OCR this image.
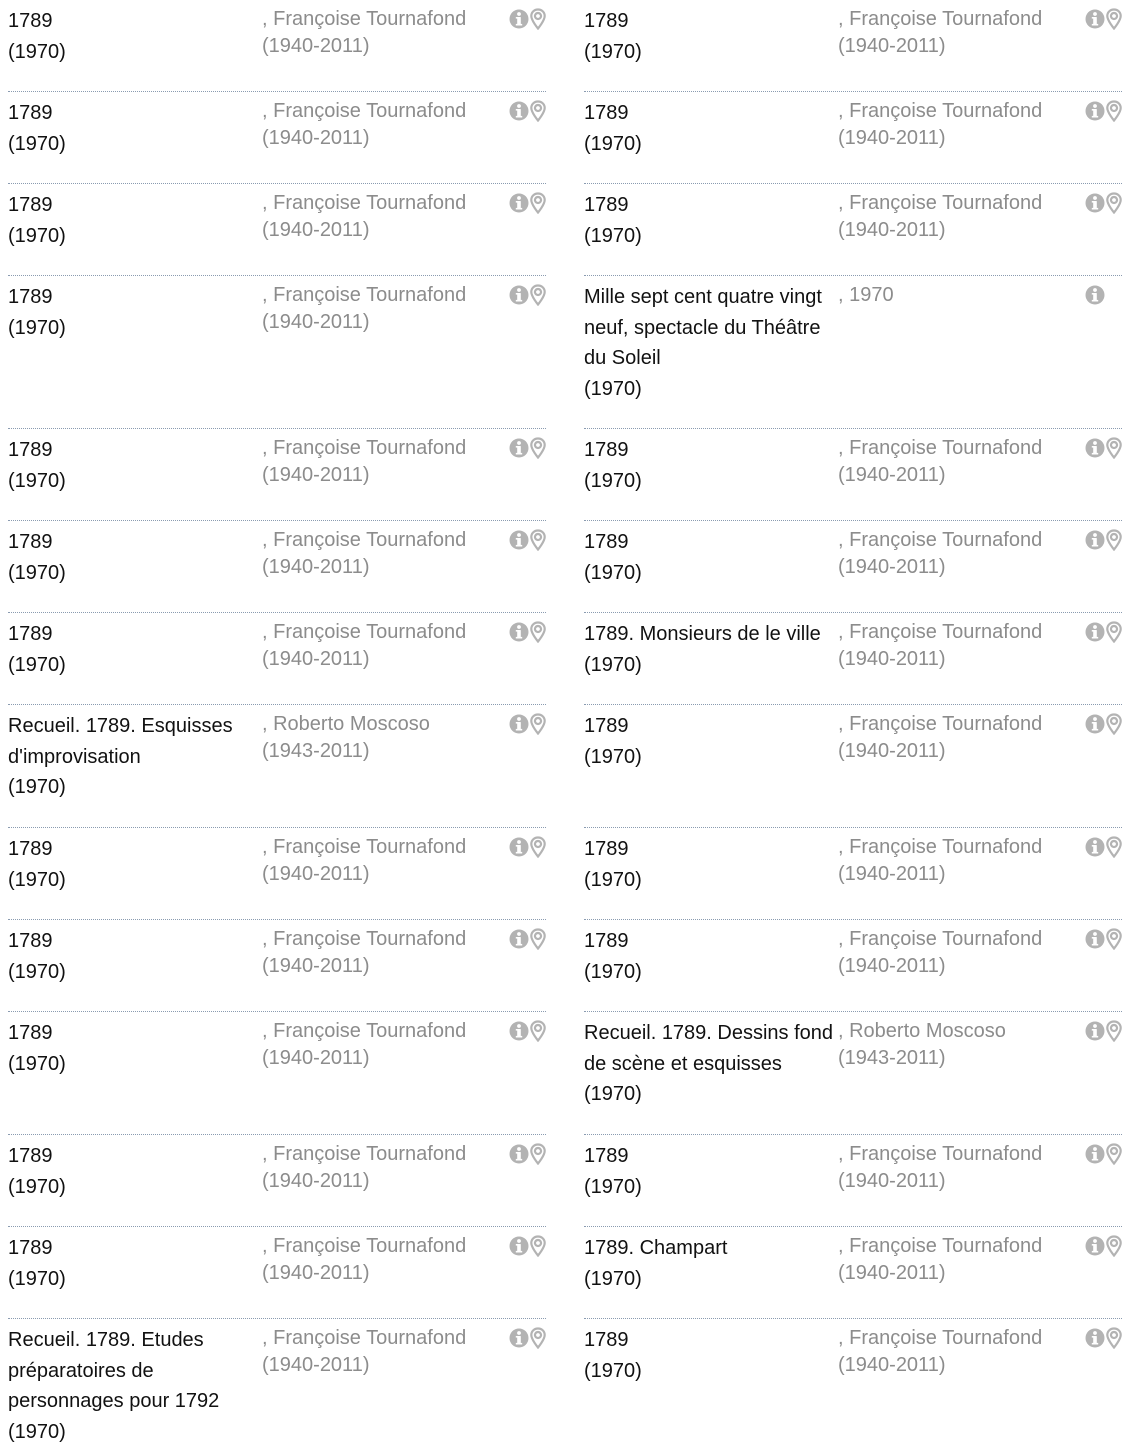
1789
(1970)
, Françoise Tournafond
(1940-2011)
1789
(1970)
, Françoise Tournafond
(1940-2011)
1789
(1970)
, Françoise Tournafond
(1940-2011)
1789
(1970)
, Françoise Tournafond
(1940-2011)
1789
(1970)
, Françoise Tournafond
(1940-2011)
1789
(1970)
, Françoise Tournafond
(1940-2011)
1789
(1970)
, Françoise Tournafond
(1940-2011)
Recueil. 1789. Esquisses d'improvisation
(1970)
, Roberto Moscoso
(1943-2011)
1789
(1970)
, Françoise Tournafond
(1940-2011)
1789
(1970)
, Françoise Tournafond
(1940-2011)
1789
(1970)
, Françoise Tournafond
(1940-2011)
1789
(1970)
, Françoise Tournafond
(1940-2011)
1789
(1970)
, Françoise Tournafond
(1940-2011)
Recueil. 1789. Etudes préparatoires de personnages pour 1792
(1970)
, Françoise Tournafond
(1940-2011)
1789
(1970)
, Françoise Tournafond
(1940-2011)
1789
(1970)
, Françoise Tournafond
(1940-2011)
1789
(1970)
, Françoise Tournafond
(1940-2011)
Mille sept cent quatre vingt neuf, spectacle du Théâtre du Soleil
(1970)
, 1970
1789
(1970)
, Françoise Tournafond
(1940-2011)
1789
(1970)
, Françoise Tournafond
(1940-2011)
1789. Monsieurs de le ville
(1970)
, Françoise Tournafond
(1940-2011)
1789
(1970)
, Françoise Tournafond
(1940-2011)
1789
(1970)
, Françoise Tournafond
(1940-2011)
1789
(1970)
, Françoise Tournafond
(1940-2011)
Recueil. 1789. Dessins fond de scène et esquisses
(1970)
, Roberto Moscoso
(1943-2011)
1789
(1970)
, Françoise Tournafond
(1940-2011)
1789. Champart
(1970)
, Françoise Tournafond
(1940-2011)
1789
(1970)
, Françoise Tournafond
(1940-2011)
